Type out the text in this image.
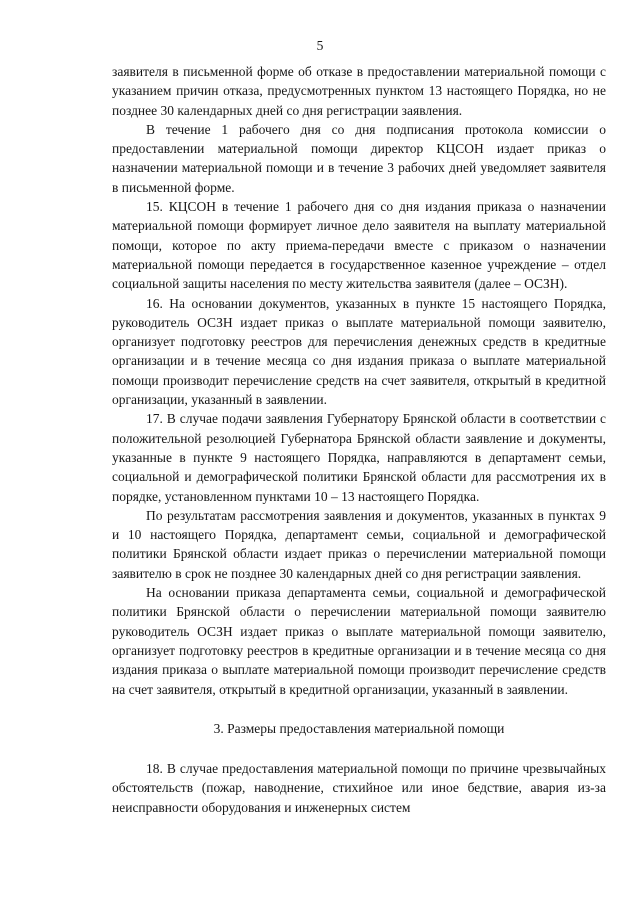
5

заявителя в письменной форме об отказе в предоставлении материальной помощи с указанием причин отказа, предусмотренных пунктом 13 настоящего Порядка, но не позднее 30 календарных дней со дня регистрации заявления.

В течение 1 рабочего дня со дня подписания протокола комиссии о предоставлении материальной помощи директор КЦСОН издает приказ о назначении материальной помощи и в течение 3 рабочих дней уведомляет заявителя в письменной форме.

15. КЦСОН в течение 1 рабочего дня со дня издания приказа о назначении материальной помощи формирует личное дело заявителя на выплату материальной помощи, которое по акту приема-передачи вместе с приказом о назначении материальной помощи передается в государственное казенное учреждение – отдел социальной защиты населения по месту жительства заявителя (далее – ОСЗН).

16. На основании документов, указанных в пункте 15 настоящего Порядка, руководитель ОСЗН издает приказ о выплате материальной помощи заявителю, организует подготовку реестров для перечисления денежных средств в кредитные организации и в течение месяца со дня издания приказа о выплате материальной помощи производит перечисление средств на счет заявителя, открытый в кредитной организации, указанный в заявлении.

17. В случае подачи заявления Губернатору Брянской области в соответствии с положительной резолюцией Губернатора Брянской области заявление и документы, указанные в пункте 9 настоящего Порядка, направляются в департамент семьи, социальной и демографической политики Брянской области для рассмотрения их в порядке, установленном пунктами 10 – 13 настоящего Порядка.

По результатам рассмотрения заявления и документов, указанных в пунктах 9 и 10 настоящего Порядка, департамент семьи, социальной и демографической политики Брянской области издает приказ о перечислении материальной помощи заявителю в срок не позднее 30 календарных дней со дня регистрации заявления.

На основании приказа департамента семьи, социальной и демографической политики Брянской области о перечислении материальной помощи заявителю руководитель ОСЗН издает приказ о выплате материальной помощи заявителю, организует подготовку реестров в кредитные организации и в течение месяца со дня издания приказа о выплате материальной помощи производит перечисление средств на счет заявителя, открытый в кредитной организации, указанный в заявлении.

3. Размеры предоставления материальной помощи

18. В случае предоставления материальной помощи по причине чрезвычайных обстоятельств (пожар, наводнение, стихийное или иное бедствие, авария из-за неисправности оборудования и инженерных систем
